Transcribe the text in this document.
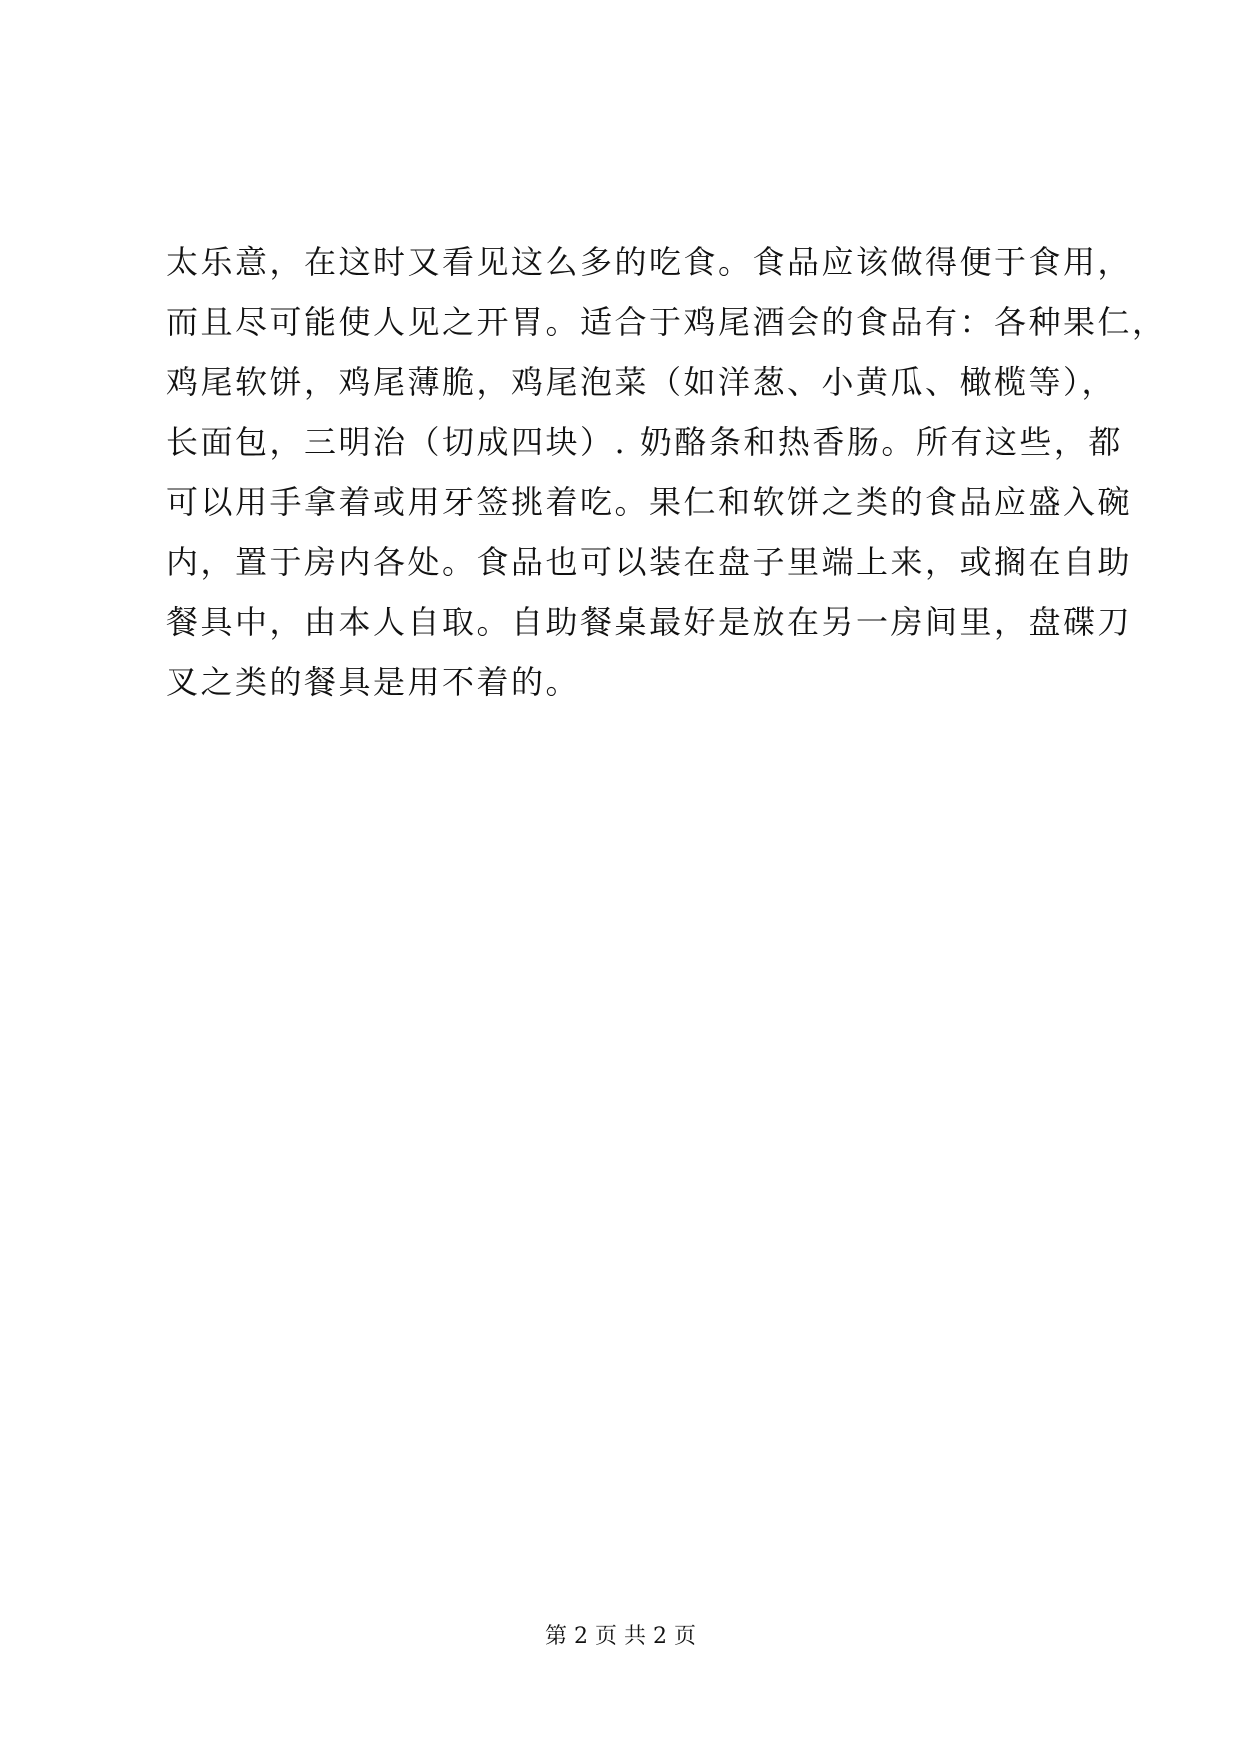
太乐意，在这时又看见这么多的吃食。食品应该做得便于食用，
而且尽可能使人见之开胃。适合于鸡尾酒会的食品有：各种果仁，
鸡尾软饼，鸡尾薄脆，鸡尾泡菜（如洋葱、小黄瓜、橄榄等），
长面包，三明治（切成四块）. 奶酪条和热香肠。所有这些，都
可以用手拿着或用牙签挑着吃。果仁和软饼之类的食品应盛入碗
内，置于房内各处。食品也可以装在盘子里端上来，或搁在自助
餐具中，由本人自取。自助餐桌最好是放在另一房间里，盘碟刀
叉之类的餐具是用不着的。
第 2 页 共 2 页
